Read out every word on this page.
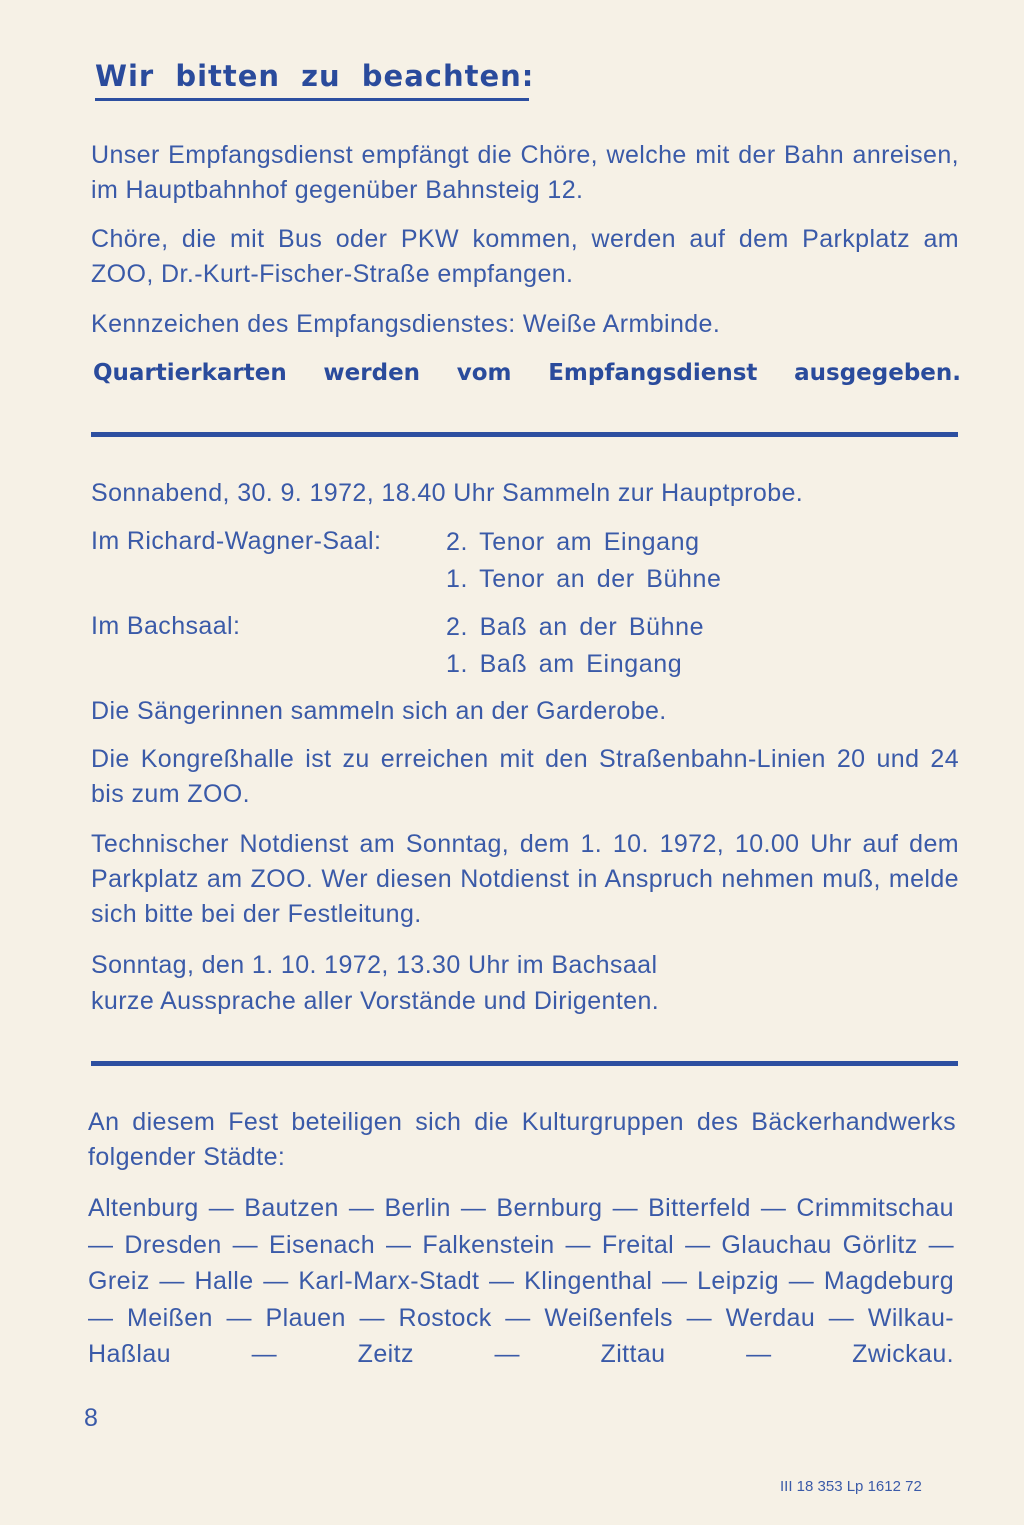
Wir bitten zu beachten:

Unser Empfangsdienst empfängt die Chöre, welche mit der Bahn anreisen, im Hauptbahnhof gegenüber Bahnsteig 12.

Chöre, die mit Bus oder PKW kommen, werden auf dem Parkplatz am ZOO, Dr.-Kurt-Fischer-Straße empfangen.

Kennzeichen des Empfangsdienstes: Weiße Armbinde.

Quartierkarten werden vom Empfangsdienst ausgegeben.

Sonnabend, 30. 9. 1972, 18.40 Uhr Sammeln zur Hauptprobe.
Im Richard-Wagner-Saal:	2. Tenor am Eingang
1. Tenor an der Bühne
Im Bachsaal:	2. Baß an der Bühne
1. Baß am Eingang

Die Sängerinnen sammeln sich an der Garderobe.

Die Kongreßhalle ist zu erreichen mit den Straßenbahn-Linien 20 und 24 bis zum ZOO.

Technischer Notdienst am Sonntag, dem 1. 10. 1972, 10.00 Uhr auf dem Parkplatz am ZOO. Wer diesen Notdienst in Anspruch nehmen muß, melde sich bitte bei der Festleitung.

Sonntag, den 1. 10. 1972, 13.30 Uhr im Bachsaal
kurze Aussprache aller Vorstände und Dirigenten.

An diesem Fest beteiligen sich die Kulturgruppen des Bäckerhandwerks folgender Städte:

Altenburg — Bautzen — Berlin — Bernburg — Bitterfeld — Crimmitschau — Dresden — Eisenach — Falkenstein — Freital — Glauchau Görlitz — Greiz — Halle — Karl-Marx-Stadt — Klingenthal — Leipzig — Magdeburg — Meißen — Plauen — Rostock — Weißenfels — Werdau — Wilkau-Haßlau — Zeitz — Zittau — Zwickau.

8
III 18 353 Lp 1612 72
